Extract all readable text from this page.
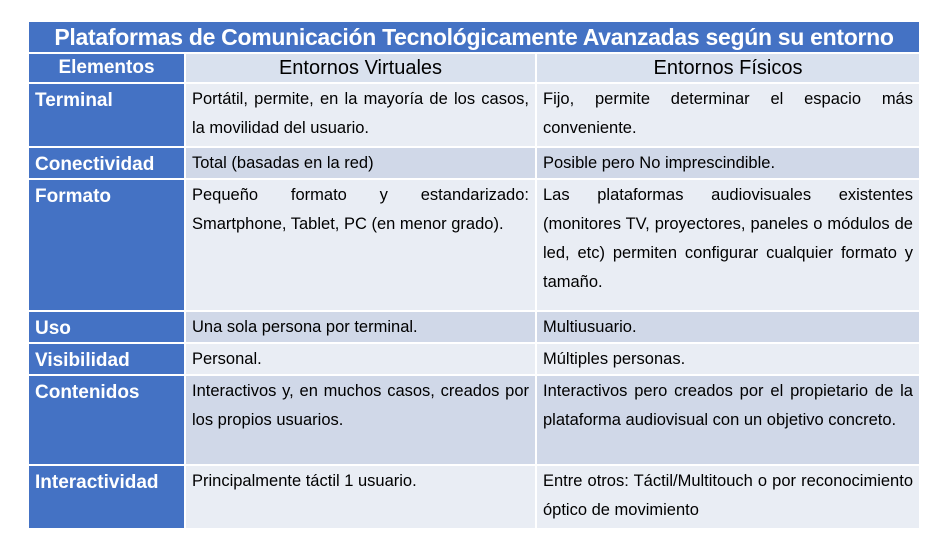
Plataformas de Comunicación Tecnológicamente Avanzadas según su entorno		
Elementos	Entornos Virtuales	Entornos Físicos
Terminal	Portátil, permite, en la mayoría de los casos, la movilidad del usuario.	Fijo, permite determinar el espacio más conveniente.
Conectividad	Total (basadas en la red)	Posible pero No imprescindible.
Formato	Pequeño formato y estandarizado: Smartphone, Tablet, PC (en menor grado).	Las plataformas audiovisuales existentes (monitores TV, proyectores, paneles o módulos de led, etc) permiten configurar cualquier formato y tamaño.
Uso	Una sola persona por terminal.	Multiusuario.
Visibilidad	Personal.	Múltiples personas.
Contenidos	Interactivos y, en muchos casos, creados por los propios usuarios.	Interactivos pero creados por el propietario de la plataforma audiovisual con un objetivo concreto.
Interactividad	Principalmente táctil 1 usuario.	Entre otros: Táctil/Multitouch o por reconocimiento óptico de movimiento
